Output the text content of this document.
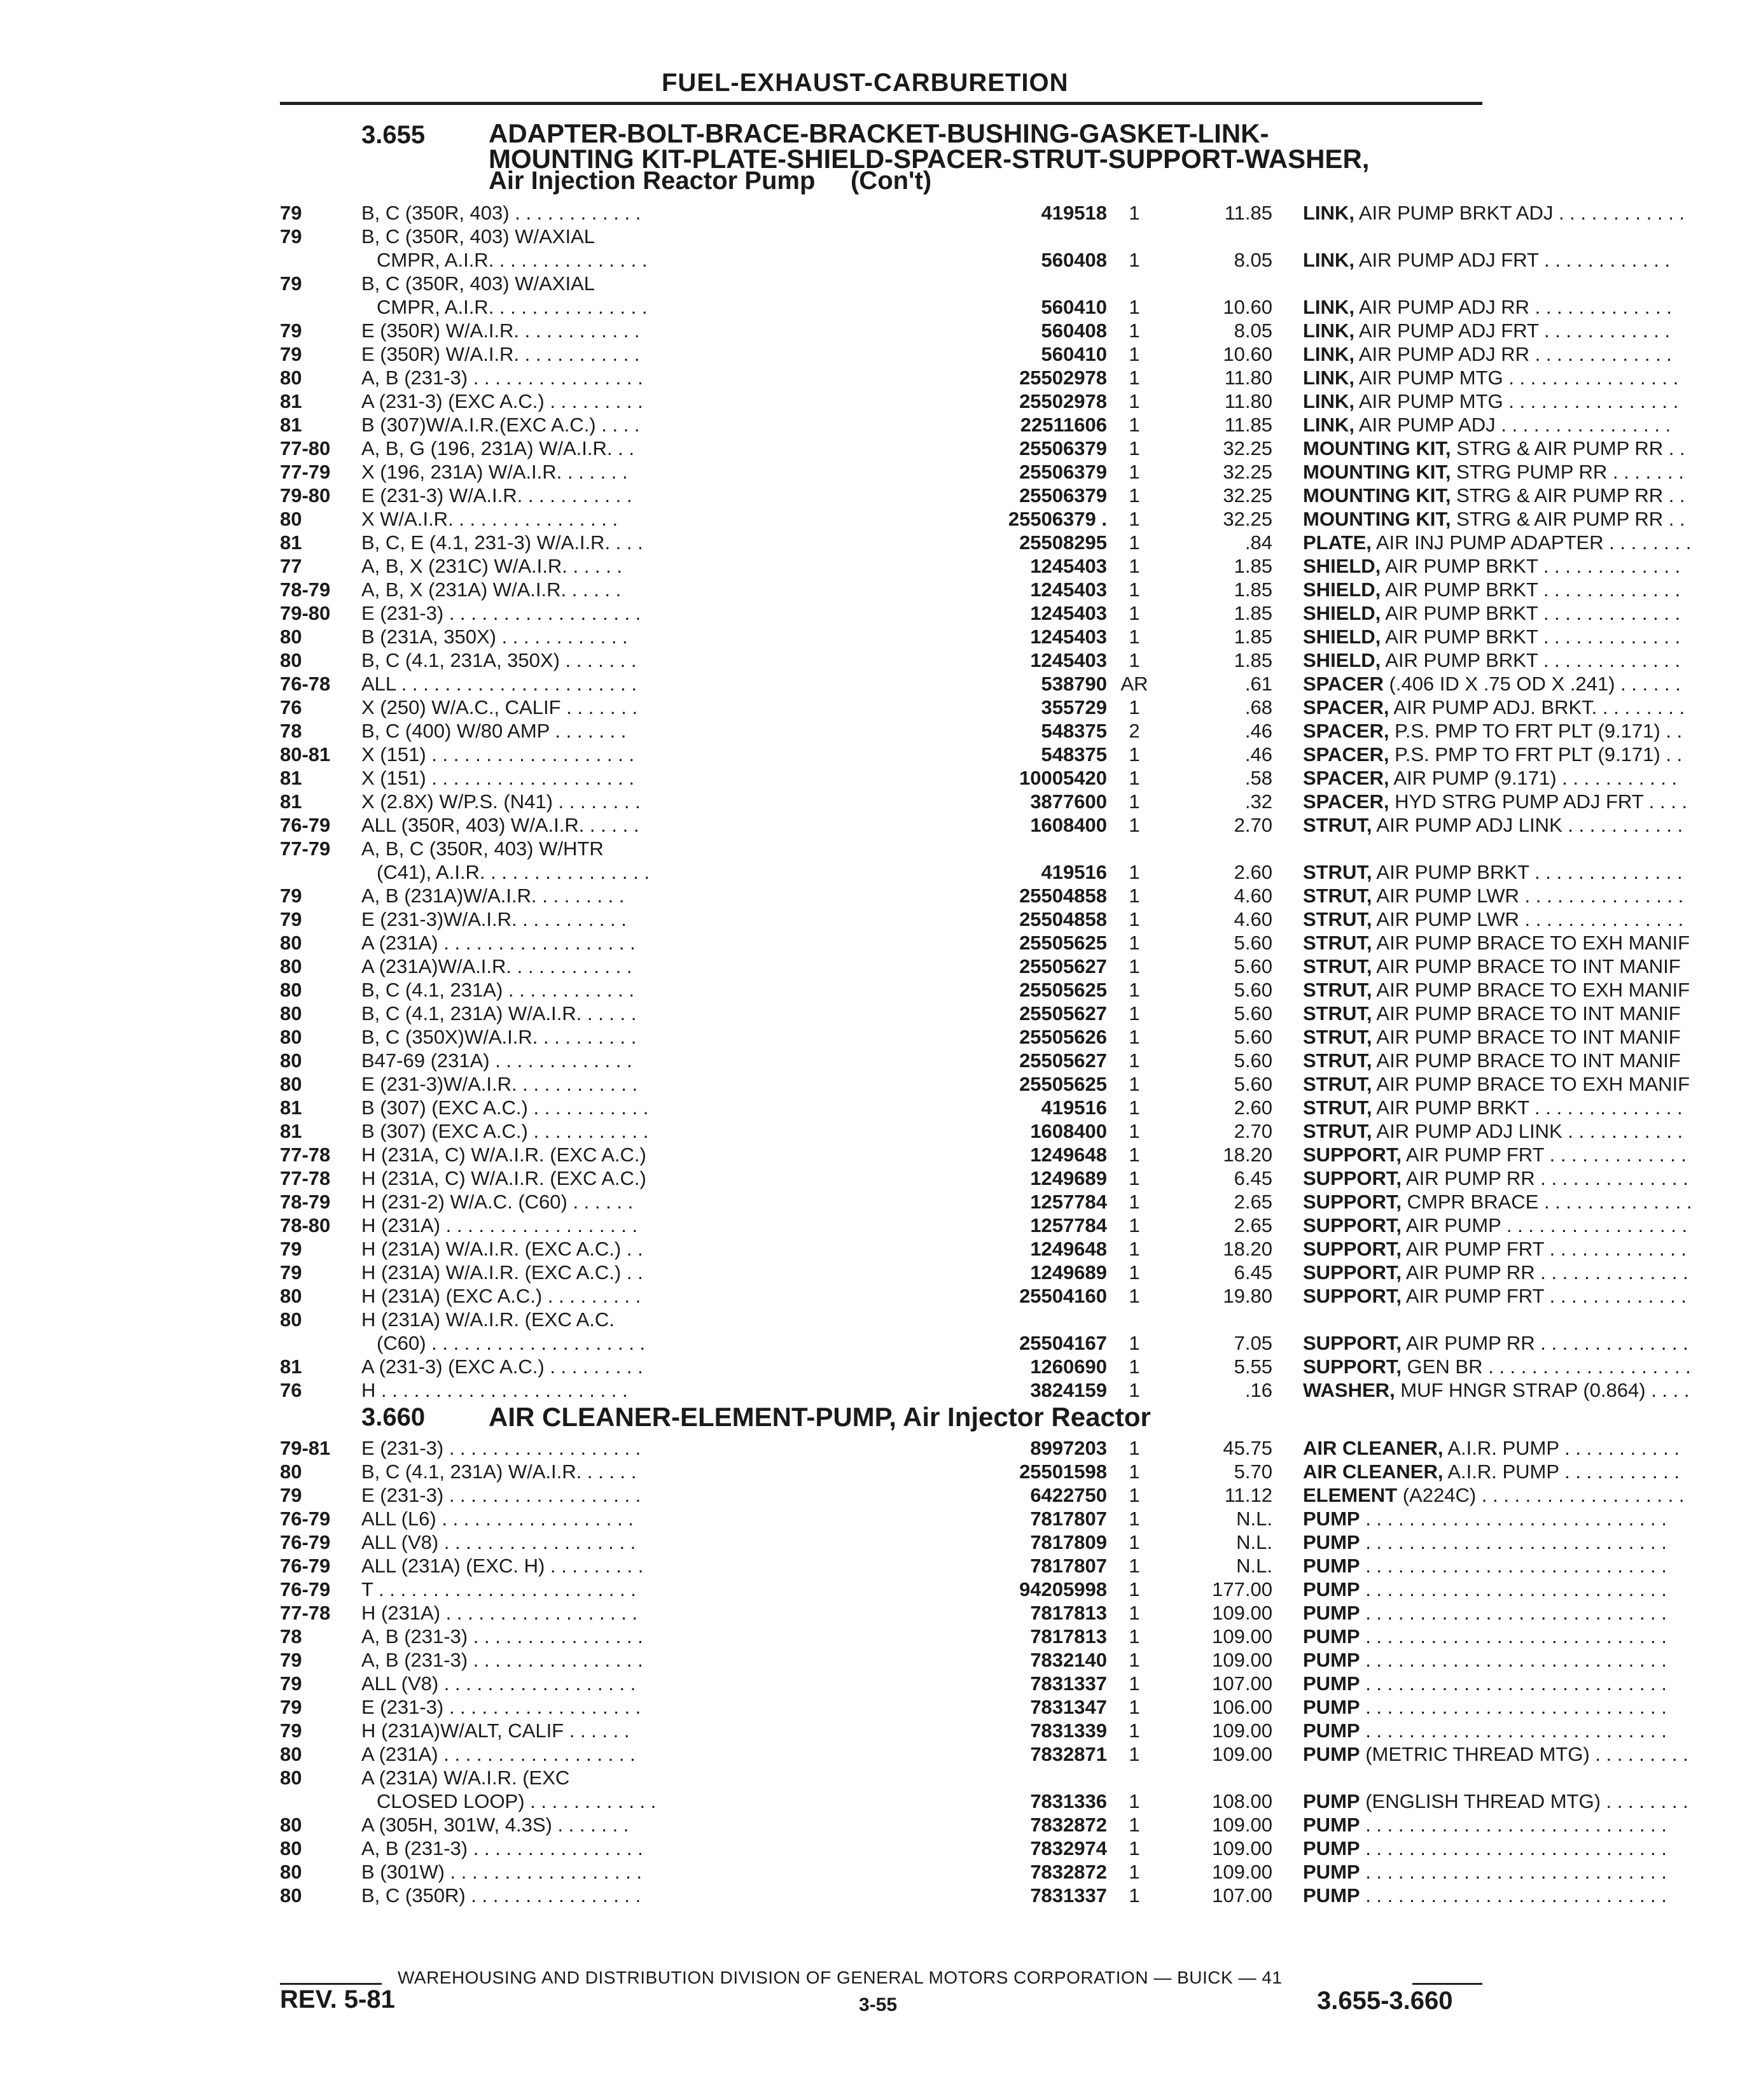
FUEL-EXHAUST-CARBURETION
3.655 ADAPTER-BOLT-BRACE-BRACKET-BUSHING-GASKET-LINK-
MOUNTING KIT-PLATE-SHIELD-SPACER-STRUT-SUPPORT-WASHER,
Air Injection Reactor Pump     (Con't)
79	B, C (350R, 403) . . . . . . . . . . . .	419518	1	11.85 LINK, AIR PUMP BRKT ADJ . . . . . . . . . . . .
79	B, C (350R, 403) W/AXIAL
CMPR, A.I.R. . . . . . . . . . . . . . .	560408	1	8.05 LINK, AIR PUMP ADJ FRT . . . . . . . . . . . .
79	B, C (350R, 403) W/AXIAL
CMPR, A.I.R. . . . . . . . . . . . . . .	560410	1	10.60 LINK, AIR PUMP ADJ RR . . . . . . . . . . . . .
79	E (350R) W/A.I.R. . . . . . . . . . . .	560408	1	8.05 LINK, AIR PUMP ADJ FRT . . . . . . . . . . . .
79	E (350R) W/A.I.R. . . . . . . . . . . .	560410	1	10.60 LINK, AIR PUMP ADJ RR . . . . . . . . . . . . .
80	A, B (231-3) . . . . . . . . . . . . . . . .	25502978	1	11.80 LINK, AIR PUMP MTG . . . . . . . . . . . . . . . .
81	A (231-3) (EXC A.C.) . . . . . . . . .	25502978	1	11.80 LINK, AIR PUMP MTG . . . . . . . . . . . . . . . .
81	B (307)W/A.I.R.(EXC A.C.) . . . .	22511606	1	11.85 LINK, AIR PUMP ADJ . . . . . . . . . . . . . . . .
77-80	A, B, G (196, 231A) W/A.I.R. . .	25506379	1	32.25 MOUNTING KIT, STRG & AIR PUMP RR . .
77-79	X (196, 231A) W/A.I.R. . . . . . .	25506379	1	32.25 MOUNTING KIT, STRG PUMP RR . . . . . . .
79-80	E (231-3) W/A.I.R. . . . . . . . . . .	25506379	1	32.25 MOUNTING KIT, STRG & AIR PUMP RR . .
80	X W/A.I.R. . . . . . . . . . . . . . . .	25506379 .	1	32.25 MOUNTING KIT, STRG & AIR PUMP RR . .
81	B, C, E (4.1, 231-3) W/A.I.R. . . .	25508295	1	.84 PLATE, AIR INJ PUMP ADAPTER . . . . . . . .
77	A, B, X (231C) W/A.I.R. . . . . .	1245403	1	1.85 SHIELD, AIR PUMP BRKT . . . . . . . . . . . . .
78-79	A, B, X (231A) W/A.I.R. . . . . .	1245403	1	1.85 SHIELD, AIR PUMP BRKT . . . . . . . . . . . . .
79-80	E (231-3) . . . . . . . . . . . . . . . . . .	1245403	1	1.85 SHIELD, AIR PUMP BRKT . . . . . . . . . . . . .
80	B (231A, 350X) . . . . . . . . . . . .	1245403	1	1.85 SHIELD, AIR PUMP BRKT . . . . . . . . . . . . .
80	B, C (4.1, 231A, 350X) . . . . . . .	1245403	1	1.85 SHIELD, AIR PUMP BRKT . . . . . . . . . . . . .
76-78	ALL . . . . . . . . . . . . . . . . . . . . . .	538790 AR	.61 SPACER (.406 ID X .75 OD X .241) . . . . . .
76	X (250) W/A.C., CALIF . . . . . . .	355729	1	.68 SPACER, AIR PUMP ADJ. BRKT. . . . . . . . .
78	B, C (400) W/80 AMP . . . . . . .	548375	2	.46 SPACER, P.S. PMP TO FRT PLT (9.171) . .
80-81	X (151) . . . . . . . . . . . . . . . . . . .	548375	1	.46 SPACER, P.S. PMP TO FRT PLT (9.171) . .
81	X (151) . . . . . . . . . . . . . . . . . . .	10005420	1	.58 SPACER, AIR PUMP (9.171) . . . . . . . . . . .
81	X (2.8X) W/P.S. (N41) . . . . . . . .	3877600	1	.32 SPACER, HYD STRG PUMP ADJ FRT . . . .
76-79	ALL (350R, 403) W/A.I.R. . . . . .	1608400	1	2.70 STRUT, AIR PUMP ADJ LINK . . . . . . . . . . .
77-79	A, B, C (350R, 403) W/HTR
(C41), A.I.R. . . . . . . . . . . . . . . .	419516	1	2.60 STRUT, AIR PUMP BRKT . . . . . . . . . . . . . .
79	A, B (231A)W/A.I.R. . . . . . . . .	25504858	1	4.60 STRUT, AIR PUMP LWR . . . . . . . . . . . . . . .
79	E (231-3)W/A.I.R. . . . . . . . . . .	25504858	1	4.60 STRUT, AIR PUMP LWR . . . . . . . . . . . . . . .
80	A (231A) . . . . . . . . . . . . . . . . . .	25505625	1	5.60 STRUT, AIR PUMP BRACE TO EXH MANIF
80	A (231A)W/A.I.R. . . . . . . . . . . .	25505627	1	5.60 STRUT, AIR PUMP BRACE TO INT MANIF
80	B, C (4.1, 231A) . . . . . . . . . . . .	25505625	1	5.60 STRUT, AIR PUMP BRACE TO EXH MANIF
80	B, C (4.1, 231A) W/A.I.R. . . . . .	25505627	1	5.60 STRUT, AIR PUMP BRACE TO INT MANIF
80	B, C (350X)W/A.I.R. . . . . . . . . .	25505626	1	5.60 STRUT, AIR PUMP BRACE TO INT MANIF
80	B47-69 (231A) . . . . . . . . . . . . .	25505627	1	5.60 STRUT, AIR PUMP BRACE TO INT MANIF
80	E (231-3)W/A.I.R. . . . . . . . . . . .	25505625	1	5.60 STRUT, AIR PUMP BRACE TO EXH MANIF
81	B (307) (EXC A.C.) . . . . . . . . . . .	419516	1	2.60 STRUT, AIR PUMP BRKT . . . . . . . . . . . . . .
81	B (307) (EXC A.C.) . . . . . . . . . . .	1608400	1	2.70 STRUT, AIR PUMP ADJ LINK . . . . . . . . . . .
77-78	H (231A, C) W/A.I.R. (EXC A.C.)	1249648	1	18.20 SUPPORT, AIR PUMP FRT . . . . . . . . . . . . .
77-78	H (231A, C) W/A.I.R. (EXC A.C.)	1249689	1	6.45 SUPPORT, AIR PUMP RR . . . . . . . . . . . . . .
78-79	H (231-2) W/A.C. (C60) . . . . . .	1257784	1	2.65 SUPPORT, CMPR BRACE . . . . . . . . . . . . . .
78-80	H (231A) . . . . . . . . . . . . . . . . . .	1257784	1	2.65 SUPPORT, AIR PUMP . . . . . . . . . . . . . . . . .
79	H (231A) W/A.I.R. (EXC A.C.) . .	1249648	1	18.20 SUPPORT, AIR PUMP FRT . . . . . . . . . . . . .
79	H (231A) W/A.I.R. (EXC A.C.) . .	1249689	1	6.45 SUPPORT, AIR PUMP RR . . . . . . . . . . . . . .
80	H (231A) (EXC A.C.) . . . . . . . . .	25504160	1	19.80 SUPPORT, AIR PUMP FRT . . . . . . . . . . . . .
80	H (231A) W/A.I.R. (EXC A.C.
(C60) . . . . . . . . . . . . . . . . . . . .	25504167	1	7.05 SUPPORT, AIR PUMP RR . . . . . . . . . . . . . .
81	A (231-3) (EXC A.C.) . . . . . . . . .	1260690	1	5.55 SUPPORT, GEN BR . . . . . . . . . . . . . . . . . . .
76	H . . . . . . . . . . . . . . . . . . . . . . .	3824159	1	.16 WASHER, MUF HNGR STRAP (0.864) . . . .
3.660 AIR CLEANER-ELEMENT-PUMP, Air Injector Reactor
79-81	E (231-3) . . . . . . . . . . . . . . . . . .	8997203	1	45.75 AIR CLEANER, A.I.R. PUMP . . . . . . . . . . .
80	B, C (4.1, 231A) W/A.I.R. . . . . .	25501598	1	5.70 AIR CLEANER, A.I.R. PUMP . . . . . . . . . . .
79	E (231-3) . . . . . . . . . . . . . . . . . .	6422750	1	11.12 ELEMENT (A224C) . . . . . . . . . . . . . . . . . . .
76-79	ALL (L6) . . . . . . . . . . . . . . . . . .	7817807	1	N.L. PUMP . . . . . . . . . . . . . . . . . . . . . . . . . . . .
76-79	ALL (V8) . . . . . . . . . . . . . . . . . .	7817809	1	N.L. PUMP . . . . . . . . . . . . . . . . . . . . . . . . . . . .
76-79	ALL (231A) (EXC. H) . . . . . . . . .	7817807	1	N.L. PUMP . . . . . . . . . . . . . . . . . . . . . . . . . . . .
76-79	T . . . . . . . . . . . . . . . . . . . . . . . .	94205998	1	177.00 PUMP . . . . . . . . . . . . . . . . . . . . . . . . . . . .
77-78	H (231A) . . . . . . . . . . . . . . . . . .	7817813	1	109.00 PUMP . . . . . . . . . . . . . . . . . . . . . . . . . . . .
78	A, B (231-3) . . . . . . . . . . . . . . . .	7817813	1	109.00 PUMP . . . . . . . . . . . . . . . . . . . . . . . . . . . .
79	A, B (231-3) . . . . . . . . . . . . . . . .	7832140	1	109.00 PUMP . . . . . . . . . . . . . . . . . . . . . . . . . . . .
79	ALL (V8) . . . . . . . . . . . . . . . . . .	7831337	1	107.00 PUMP . . . . . . . . . . . . . . . . . . . . . . . . . . . .
79	E (231-3) . . . . . . . . . . . . . . . . . .	7831347	1	106.00 PUMP . . . . . . . . . . . . . . . . . . . . . . . . . . . .
79	H (231A)W/ALT, CALIF . . . . . .	7831339	1	109.00 PUMP . . . . . . . . . . . . . . . . . . . . . . . . . . . .
80	A (231A) . . . . . . . . . . . . . . . . . .	7832871	1	109.00 PUMP (METRIC THREAD MTG) . . . . . . . . .
80	A (231A) W/A.I.R. (EXC
CLOSED LOOP) . . . . . . . . . . . .	7831336	1	108.00 PUMP (ENGLISH THREAD MTG) . . . . . . . .
80	A (305H, 301W, 4.3S) . . . . . . .	7832872	1	109.00 PUMP . . . . . . . . . . . . . . . . . . . . . . . . . . . .
80	A, B (231-3) . . . . . . . . . . . . . . . .	7832974	1	109.00 PUMP . . . . . . . . . . . . . . . . . . . . . . . . . . . .
80	B (301W) . . . . . . . . . . . . . . . . . .	7832872	1	109.00 PUMP . . . . . . . . . . . . . . . . . . . . . . . . . . . .
80	B, C (350R) . . . . . . . . . . . . . . . .	7831337	1	107.00 PUMP . . . . . . . . . . . . . . . . . . . . . . . . . . . .
WAREHOUSING AND DISTRIBUTION DIVISION OF GENERAL MOTORS CORPORATION — BUICK — 41
REV. 5-81	3-55	3.655-3.660
